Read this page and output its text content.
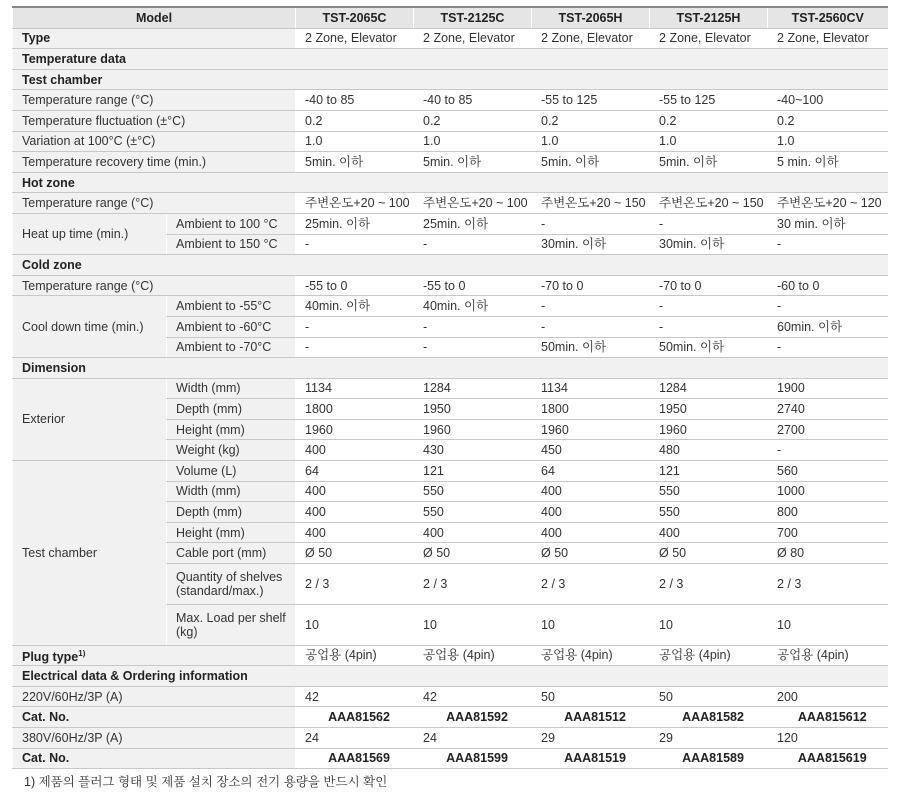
Model		TST-2065C	TST-2125C	TST-2065H	TST-2125H	TST-2560CV
Type		2 Zone, Elevator	2 Zone, Elevator	2 Zone, Elevator	2 Zone, Elevator	2 Zone, Elevator
Temperature data						
Test chamber						
Temperature range (°C)		-40 to 85	-40 to 85	-55 to 125	-55 to 125	-40~100
Temperature fluctuation (±°C)		0.2	0.2	0.2	0.2	0.2
Variation at 100°C (±°C)		1.0	1.0	1.0	1.0	1.0
Temperature recovery time (min.)		5min. 이하	5min. 이하	5min. 이하	5min. 이하	5 min. 이하
Hot zone						
Temperature range (°C)		주변온도+20 ~ 100	주변온도+20 ~ 100	주변온도+20 ~ 150	주변온도+20 ~ 150	주변온도+20 ~ 120
Heat up time (min.)	Ambient to 100 °C	25min. 이하	25min. 이하	-	-	30 min. 이하
	Ambient to 150 °C	-	-	30min. 이하	30min. 이하	-
Cold zone						
Temperature range (°C)		-55 to 0	-55 to 0	-70 to 0	-70 to 0	-60 to 0
Cool down time (min.)	Ambient to -55°C	40min. 이하	40min. 이하	-	-	-
	Ambient to -60°C	-	-	-	-	60min. 이하
	Ambient to -70°C	-	-	50min. 이하	50min. 이하	-
Dimension						
Exterior	Width (mm)	1134	1284	1134	1284	1900
	Depth (mm)	1800	1950	1800	1950	2740
	Height (mm)	1960	1960	1960	1960	2700
	Weight (kg)	400	430	450	480	-
Test chamber	Volume (L)	64	121	64	121	560
	Width (mm)	400	550	400	550	1000
	Depth (mm)	400	550	400	550	800
	Height (mm)	400	400	400	400	700
	Cable port (mm)	Ø 50	Ø 50	Ø 50	Ø 50	Ø 80
	Quantity of shelves (standard/max.)	2 / 3	2 / 3	2 / 3	2 / 3	2 / 3
	Max. Load per shelf (kg)	10	10	10	10	10
Plug type$^{1)}$		공업용 (4pin)	공업용 (4pin)	공업용 (4pin)	공업용 (4pin)	공업용 (4pin)
Electrical data & Ordering information						
220V/60Hz/3P (A)		42	42	50	50	200
Cat. No.		AAA81562	AAA81592	AAA81512	AAA81582	AAA815612
380V/60Hz/3P (A)		24	24	29	29	120
Cat. No.		AAA81569	AAA81599	AAA81519	AAA81589	AAA815619
1) 제품의 플러그 형태 및 제품 설치 장소의 전기 용량을 반드시 확인
